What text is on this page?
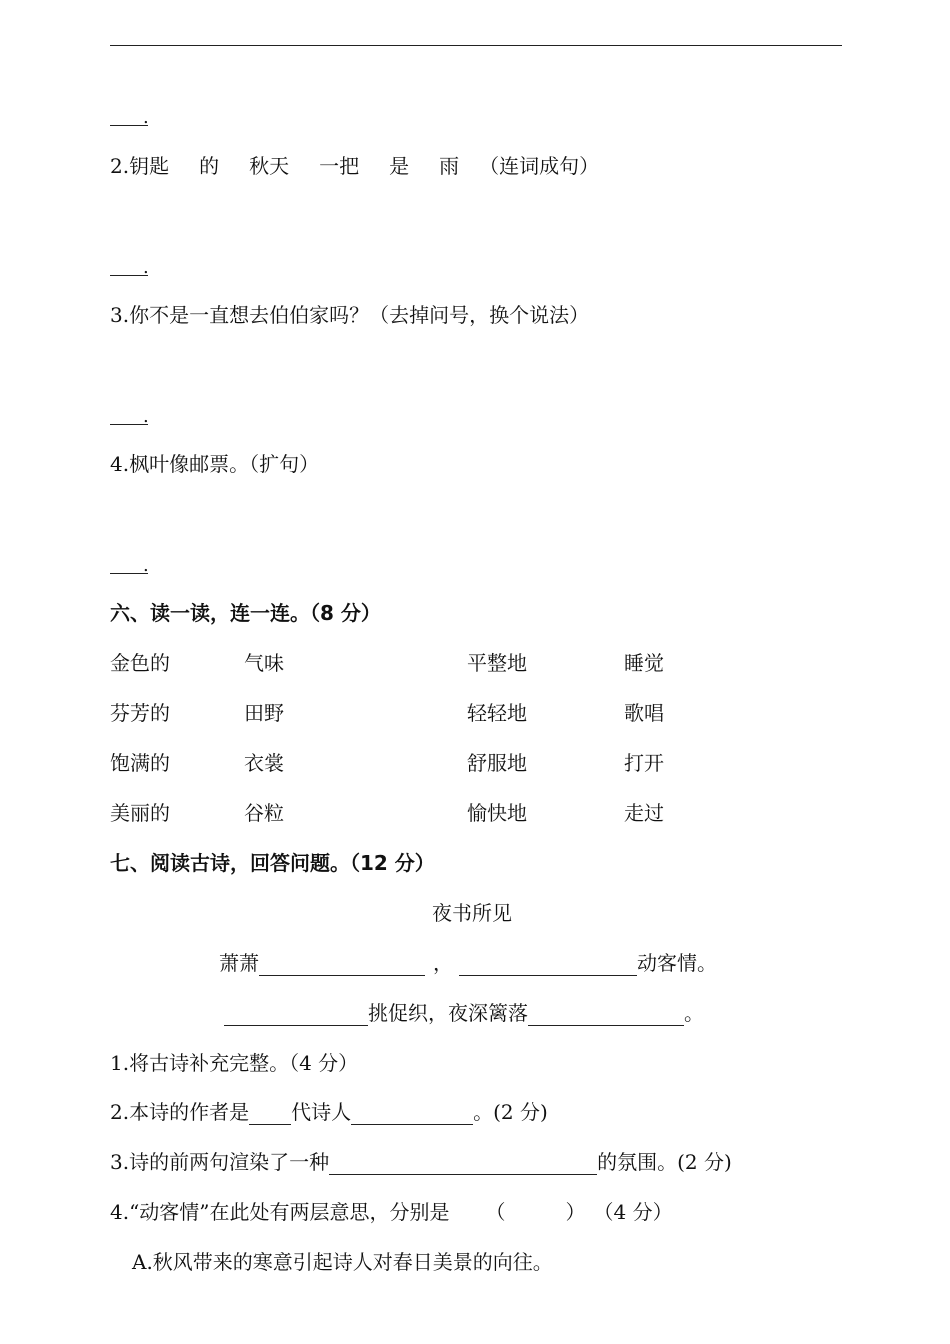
.
2.钥匙 的 秋天 一把 是 雨 （连词成句）
.
3.你不是一直想去伯伯家吗？（去掉问号，换个说法）
.
4.枫叶像邮票。（扩句）
.
六、读一读，连一连。（8 分）
金色的	气味	平整地	睡觉
芬芳的	田野	轻轻地	歌唱
饱满的	衣裳	舒服地	打开
美丽的	谷粒	愉快地	走过
七、阅读古诗，回答问题。（12 分）
夜书所见
萧萧	，	动客情。
挑促织，夜深篱落	。
1.将古诗补充完整。（4 分）
2.本诗的作者是 代诗人	。(2 分)
3.诗的前两句渲染了一种	的氛围。(2 分)
4.“动客情”在此处有两层意思，分别是 （　　　） （4 分）
A.秋风带来的寒意引起诗人对春日美景的向往。
